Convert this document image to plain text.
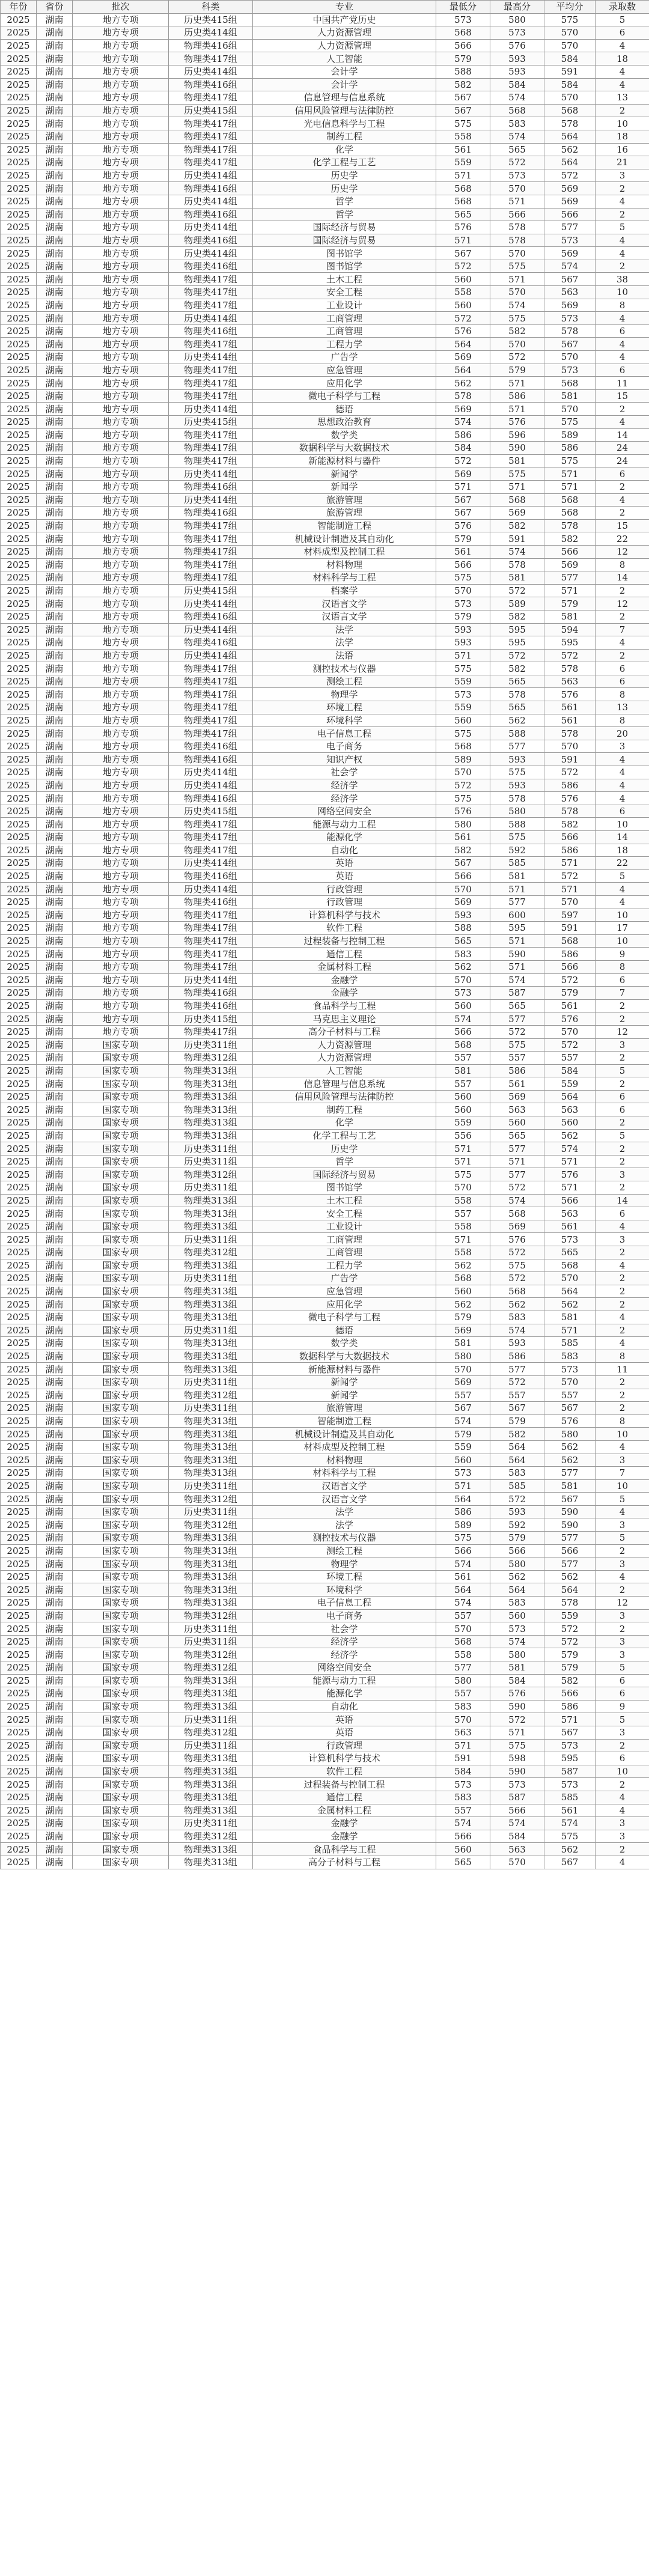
年份	省份	批次	科类	专业	最低分	最高分	平均分	录取数
2025	湖南	地方专项	历史类415组	中国共产党历史	573	580	575	5
2025	湖南	地方专项	历史类414组	人力资源管理	568	573	570	6
2025	湖南	地方专项	物理类416组	人力资源管理	566	576	570	4
2025	湖南	地方专项	物理类417组	人工智能	579	593	584	18
2025	湖南	地方专项	历史类414组	会计学	588	593	591	4
2025	湖南	地方专项	物理类416组	会计学	582	584	584	4
2025	湖南	地方专项	物理类417组	信息管理与信息系统	567	574	570	13
2025	湖南	地方专项	历史类415组	信用风险管理与法律防控	567	568	568	2
2025	湖南	地方专项	物理类417组	光电信息科学与工程	575	583	578	10
2025	湖南	地方专项	物理类417组	制药工程	558	574	564	18
2025	湖南	地方专项	物理类417组	化学	561	565	562	16
2025	湖南	地方专项	物理类417组	化学工程与工艺	559	572	564	21
2025	湖南	地方专项	历史类414组	历史学	571	573	572	3
2025	湖南	地方专项	物理类416组	历史学	568	570	569	2
2025	湖南	地方专项	历史类414组	哲学	568	571	569	4
2025	湖南	地方专项	物理类416组	哲学	565	566	566	2
2025	湖南	地方专项	历史类414组	国际经济与贸易	576	578	577	5
2025	湖南	地方专项	物理类416组	国际经济与贸易	571	578	573	4
2025	湖南	地方专项	历史类414组	图书馆学	567	570	569	4
2025	湖南	地方专项	物理类416组	图书馆学	572	575	574	2
2025	湖南	地方专项	物理类417组	土木工程	560	571	567	38
2025	湖南	地方专项	物理类417组	安全工程	558	570	563	10
2025	湖南	地方专项	物理类417组	工业设计	560	574	569	8
2025	湖南	地方专项	历史类414组	工商管理	572	575	573	4
2025	湖南	地方专项	物理类416组	工商管理	576	582	578	6
2025	湖南	地方专项	物理类417组	工程力学	564	570	567	4
2025	湖南	地方专项	历史类414组	广告学	569	572	570	4
2025	湖南	地方专项	物理类417组	应急管理	564	579	573	6
2025	湖南	地方专项	物理类417组	应用化学	562	571	568	11
2025	湖南	地方专项	物理类417组	微电子科学与工程	578	586	581	15
2025	湖南	地方专项	历史类414组	德语	569	571	570	2
2025	湖南	地方专项	历史类415组	思想政治教育	574	576	575	4
2025	湖南	地方专项	物理类417组	数学类	586	596	589	14
2025	湖南	地方专项	物理类417组	数据科学与大数据技术	584	590	586	24
2025	湖南	地方专项	物理类417组	新能源材料与器件	572	581	575	24
2025	湖南	地方专项	历史类414组	新闻学	569	575	571	6
2025	湖南	地方专项	物理类416组	新闻学	571	571	571	2
2025	湖南	地方专项	历史类414组	旅游管理	567	568	568	4
2025	湖南	地方专项	物理类416组	旅游管理	567	569	568	2
2025	湖南	地方专项	物理类417组	智能制造工程	576	582	578	15
2025	湖南	地方专项	物理类417组	机械设计制造及其自动化	579	591	582	22
2025	湖南	地方专项	物理类417组	材料成型及控制工程	561	574	566	12
2025	湖南	地方专项	物理类417组	材料物理	566	578	569	8
2025	湖南	地方专项	物理类417组	材料科学与工程	575	581	577	14
2025	湖南	地方专项	历史类415组	档案学	570	572	571	2
2025	湖南	地方专项	历史类414组	汉语言文学	573	589	579	12
2025	湖南	地方专项	物理类416组	汉语言文学	579	582	581	2
2025	湖南	地方专项	历史类414组	法学	593	595	594	7
2025	湖南	地方专项	物理类416组	法学	593	595	595	4
2025	湖南	地方专项	历史类414组	法语	571	572	572	2
2025	湖南	地方专项	物理类417组	测控技术与仪器	575	582	578	6
2025	湖南	地方专项	物理类417组	测绘工程	559	565	563	6
2025	湖南	地方专项	物理类417组	物理学	573	578	576	8
2025	湖南	地方专项	物理类417组	环境工程	559	565	561	13
2025	湖南	地方专项	物理类417组	环境科学	560	562	561	8
2025	湖南	地方专项	物理类417组	电子信息工程	575	588	578	20
2025	湖南	地方专项	物理类416组	电子商务	568	577	570	3
2025	湖南	地方专项	物理类416组	知识产权	589	593	591	4
2025	湖南	地方专项	历史类414组	社会学	570	575	572	4
2025	湖南	地方专项	历史类414组	经济学	572	593	586	4
2025	湖南	地方专项	物理类416组	经济学	575	578	576	4
2025	湖南	地方专项	历史类415组	网络空间安全	576	580	578	6
2025	湖南	地方专项	物理类417组	能源与动力工程	580	588	582	10
2025	湖南	地方专项	物理类417组	能源化学	561	575	566	14
2025	湖南	地方专项	物理类417组	自动化	582	592	586	18
2025	湖南	地方专项	历史类414组	英语	567	585	571	22
2025	湖南	地方专项	物理类416组	英语	566	581	572	5
2025	湖南	地方专项	历史类414组	行政管理	570	571	571	4
2025	湖南	地方专项	物理类416组	行政管理	569	577	570	4
2025	湖南	地方专项	物理类417组	计算机科学与技术	593	600	597	10
2025	湖南	地方专项	物理类417组	软件工程	588	595	591	17
2025	湖南	地方专项	物理类417组	过程装备与控制工程	565	571	568	10
2025	湖南	地方专项	物理类417组	通信工程	583	590	586	9
2025	湖南	地方专项	物理类417组	金属材料工程	562	571	566	8
2025	湖南	地方专项	历史类414组	金融学	570	574	572	6
2025	湖南	地方专项	物理类416组	金融学	573	587	579	7
2025	湖南	地方专项	物理类416组	食品科学与工程	560	565	561	2
2025	湖南	地方专项	历史类415组	马克思主义理论	574	577	576	2
2025	湖南	地方专项	物理类417组	高分子材料与工程	566	572	570	12
2025	湖南	国家专项	历史类311组	人力资源管理	568	575	572	3
2025	湖南	国家专项	物理类312组	人力资源管理	557	557	557	2
2025	湖南	国家专项	物理类313组	人工智能	581	586	584	5
2025	湖南	国家专项	物理类313组	信息管理与信息系统	557	561	559	2
2025	湖南	国家专项	物理类313组	信用风险管理与法律防控	560	569	564	6
2025	湖南	国家专项	物理类313组	制药工程	560	563	563	6
2025	湖南	国家专项	物理类313组	化学	559	560	560	2
2025	湖南	国家专项	物理类313组	化学工程与工艺	556	565	562	5
2025	湖南	国家专项	历史类311组	历史学	571	577	574	2
2025	湖南	国家专项	历史类311组	哲学	571	571	571	2
2025	湖南	国家专项	物理类312组	国际经济与贸易	575	577	576	3
2025	湖南	国家专项	历史类311组	图书馆学	570	572	571	2
2025	湖南	国家专项	物理类313组	土木工程	558	574	566	14
2025	湖南	国家专项	物理类313组	安全工程	557	568	563	6
2025	湖南	国家专项	物理类313组	工业设计	558	569	561	4
2025	湖南	国家专项	历史类311组	工商管理	571	576	573	3
2025	湖南	国家专项	物理类312组	工商管理	558	572	565	2
2025	湖南	国家专项	物理类313组	工程力学	562	575	568	4
2025	湖南	国家专项	历史类311组	广告学	568	572	570	2
2025	湖南	国家专项	物理类313组	应急管理	560	568	564	2
2025	湖南	国家专项	物理类313组	应用化学	562	562	562	2
2025	湖南	国家专项	物理类313组	微电子科学与工程	579	583	581	4
2025	湖南	国家专项	历史类311组	德语	569	574	571	2
2025	湖南	国家专项	物理类313组	数学类	581	593	585	4
2025	湖南	国家专项	物理类313组	数据科学与大数据技术	580	586	583	8
2025	湖南	国家专项	物理类313组	新能源材料与器件	570	577	573	11
2025	湖南	国家专项	历史类311组	新闻学	569	572	570	2
2025	湖南	国家专项	物理类312组	新闻学	557	557	557	2
2025	湖南	国家专项	历史类311组	旅游管理	567	567	567	2
2025	湖南	国家专项	物理类313组	智能制造工程	574	579	576	8
2025	湖南	国家专项	物理类313组	机械设计制造及其自动化	579	582	580	10
2025	湖南	国家专项	物理类313组	材料成型及控制工程	559	564	562	4
2025	湖南	国家专项	物理类313组	材料物理	560	564	562	3
2025	湖南	国家专项	物理类313组	材料科学与工程	573	583	577	7
2025	湖南	国家专项	历史类311组	汉语言文学	571	585	581	10
2025	湖南	国家专项	物理类312组	汉语言文学	564	572	567	5
2025	湖南	国家专项	历史类311组	法学	586	593	590	4
2025	湖南	国家专项	物理类312组	法学	589	592	590	3
2025	湖南	国家专项	物理类313组	测控技术与仪器	575	579	577	5
2025	湖南	国家专项	物理类313组	测绘工程	566	566	566	2
2025	湖南	国家专项	物理类313组	物理学	574	580	577	3
2025	湖南	国家专项	物理类313组	环境工程	561	562	562	4
2025	湖南	国家专项	物理类313组	环境科学	564	564	564	2
2025	湖南	国家专项	物理类313组	电子信息工程	574	583	578	12
2025	湖南	国家专项	物理类312组	电子商务	557	560	559	3
2025	湖南	国家专项	历史类311组	社会学	570	573	572	2
2025	湖南	国家专项	历史类311组	经济学	568	574	572	3
2025	湖南	国家专项	物理类312组	经济学	558	580	579	3
2025	湖南	国家专项	物理类312组	网络空间安全	577	581	579	5
2025	湖南	国家专项	物理类313组	能源与动力工程	580	584	582	6
2025	湖南	国家专项	物理类313组	能源化学	557	576	566	6
2025	湖南	国家专项	物理类313组	自动化	583	590	586	9
2025	湖南	国家专项	历史类311组	英语	570	572	571	5
2025	湖南	国家专项	物理类312组	英语	563	571	567	3
2025	湖南	国家专项	历史类311组	行政管理	571	575	573	2
2025	湖南	国家专项	物理类313组	计算机科学与技术	591	598	595	6
2025	湖南	国家专项	物理类313组	软件工程	584	590	587	10
2025	湖南	国家专项	物理类313组	过程装备与控制工程	573	573	573	2
2025	湖南	国家专项	物理类313组	通信工程	583	587	585	4
2025	湖南	国家专项	物理类313组	金属材料工程	557	566	561	4
2025	湖南	国家专项	历史类311组	金融学	574	574	574	3
2025	湖南	国家专项	物理类312组	金融学	566	584	575	3
2025	湖南	国家专项	物理类313组	食品科学与工程	560	563	562	2
2025	湖南	国家专项	物理类313组	高分子材料与工程	565	570	567	4
